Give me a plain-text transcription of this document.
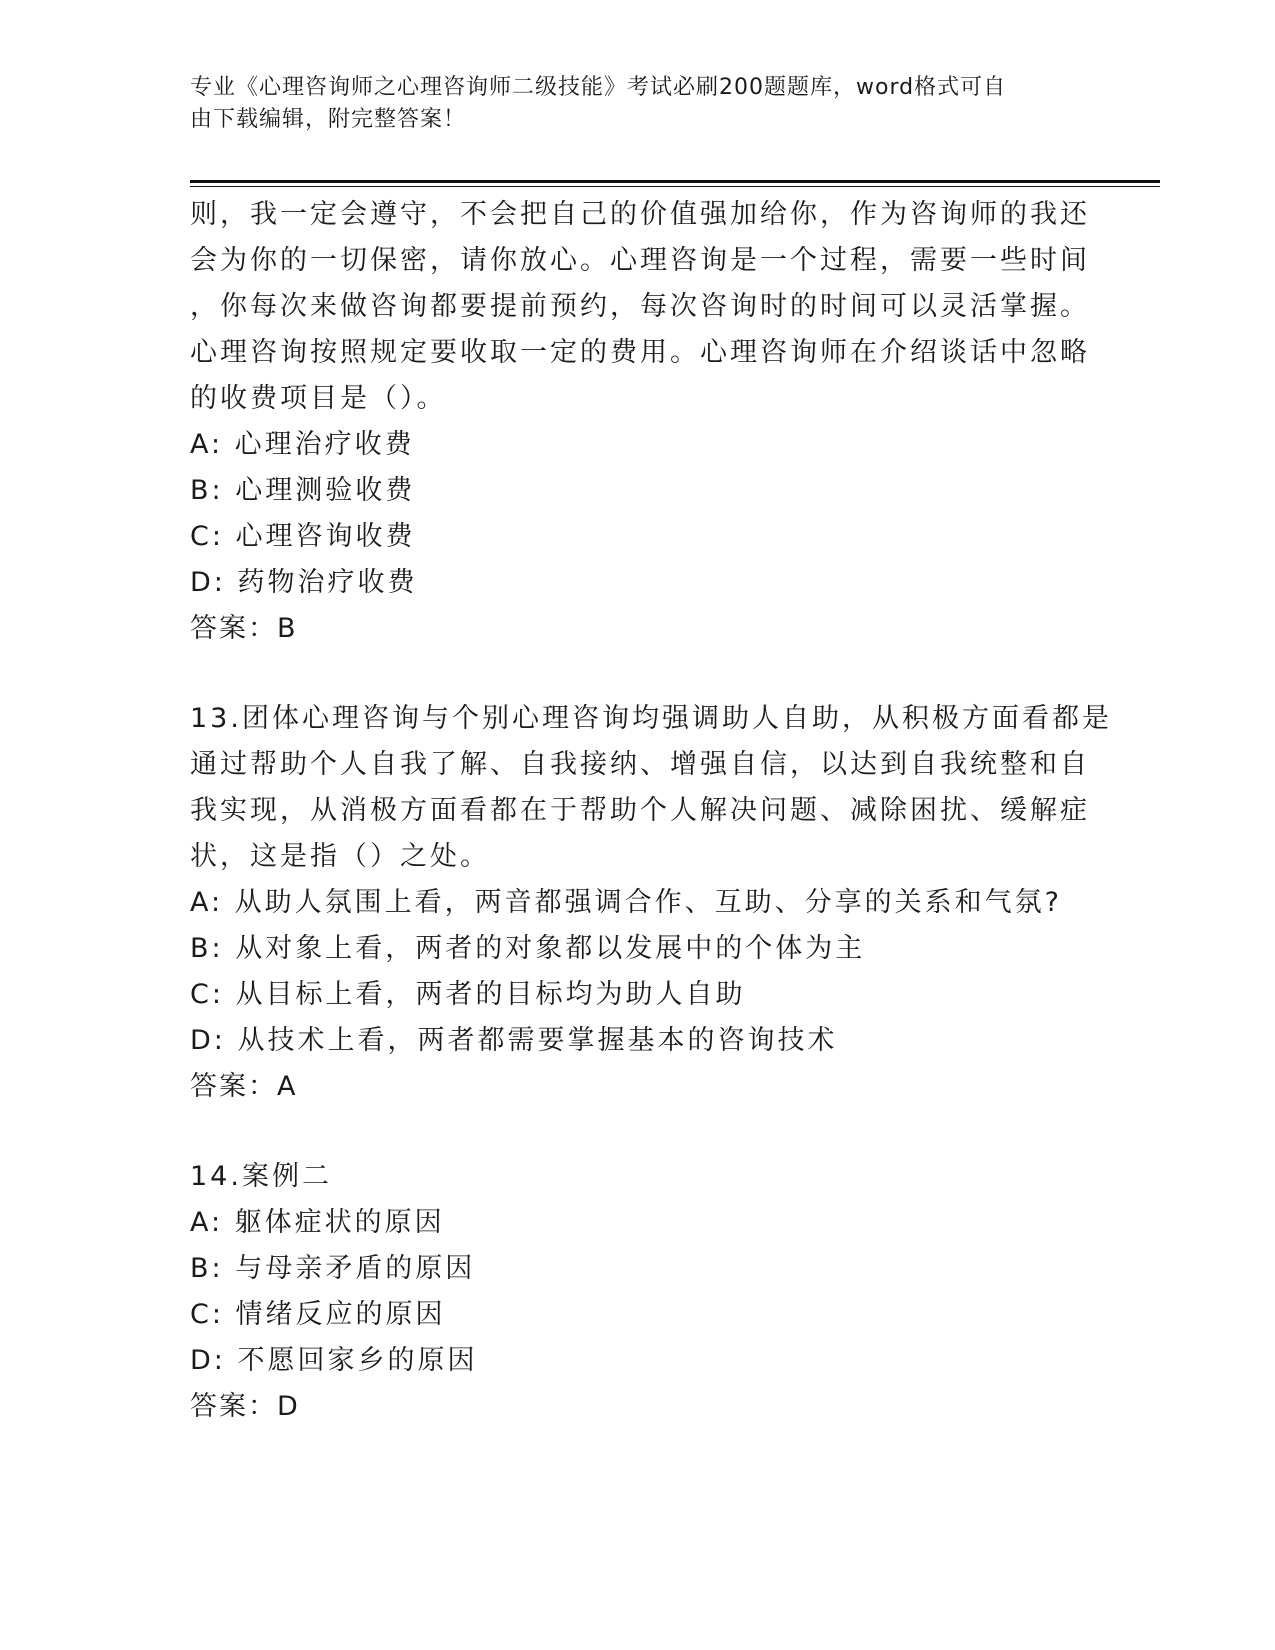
专业《心理咨询师之心理咨询师二级技能》考试必刷200题题库，word格式可自
由下载编辑，附完整答案！
则，我一定会遵守，不会把自己的价值强加给你，作为咨询师的我还
会为你的一切保密，请你放心。心理咨询是一个过程，需要一些时间
，你每次来做咨询都要提前预约，每次咨询时的时间可以灵活掌握。
心理咨询按照规定要收取一定的费用。心理咨询师在介绍谈话中忽略
的收费项目是（）。
A: 心理治疗收费
B: 心理测验收费
C: 心理咨询收费
D: 药物治疗收费
答案：B
13.团体心理咨询与个别心理咨询均强调助人自助，从积极方面看都是
通过帮助个人自我了解、自我接纳、增强自信，以达到自我统整和自
我实现，从消极方面看都在于帮助个人解决问题、减除困扰、缓解症
状，这是指（）之处。
A: 从助人氛围上看，两音都强调合作、互助、分享的关系和气氛?
B: 从对象上看，两者的对象都以发展中的个体为主
C: 从目标上看，两者的目标均为助人自助
D: 从技术上看，两者都需要掌握基本的咨询技术
答案：A
14.案例二
A: 躯体症状的原因
B: 与母亲矛盾的原因
C: 情绪反应的原因
D: 不愿回家乡的原因
答案：D
